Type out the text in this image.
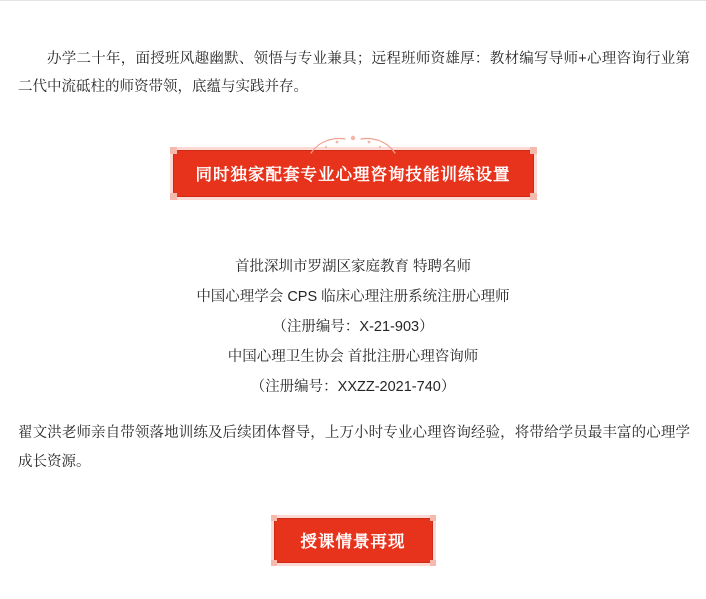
办学二十年，面授班风趣幽默、领悟与专业兼具；远程班师资雄厚：教材编写导师+心理咨询行业第二代中流砥柱的师资带领，底蕴与实践并存。

同时独家配套专业心理咨询技能训练设置
首批深圳市罗湖区家庭教育 特聘名师
中国心理学会 CPS 临床心理注册系统注册心理师
（注册编号：X-21-903）
中国心理卫生协会 首批注册心理咨询师
（注册编号：XXZZ-2021-740）

翟文洪老师亲自带领落地训练及后续团体督导，上万小时专业心理咨询经验，将带给学员最丰富的心理学成长资源。

授课情景再现
